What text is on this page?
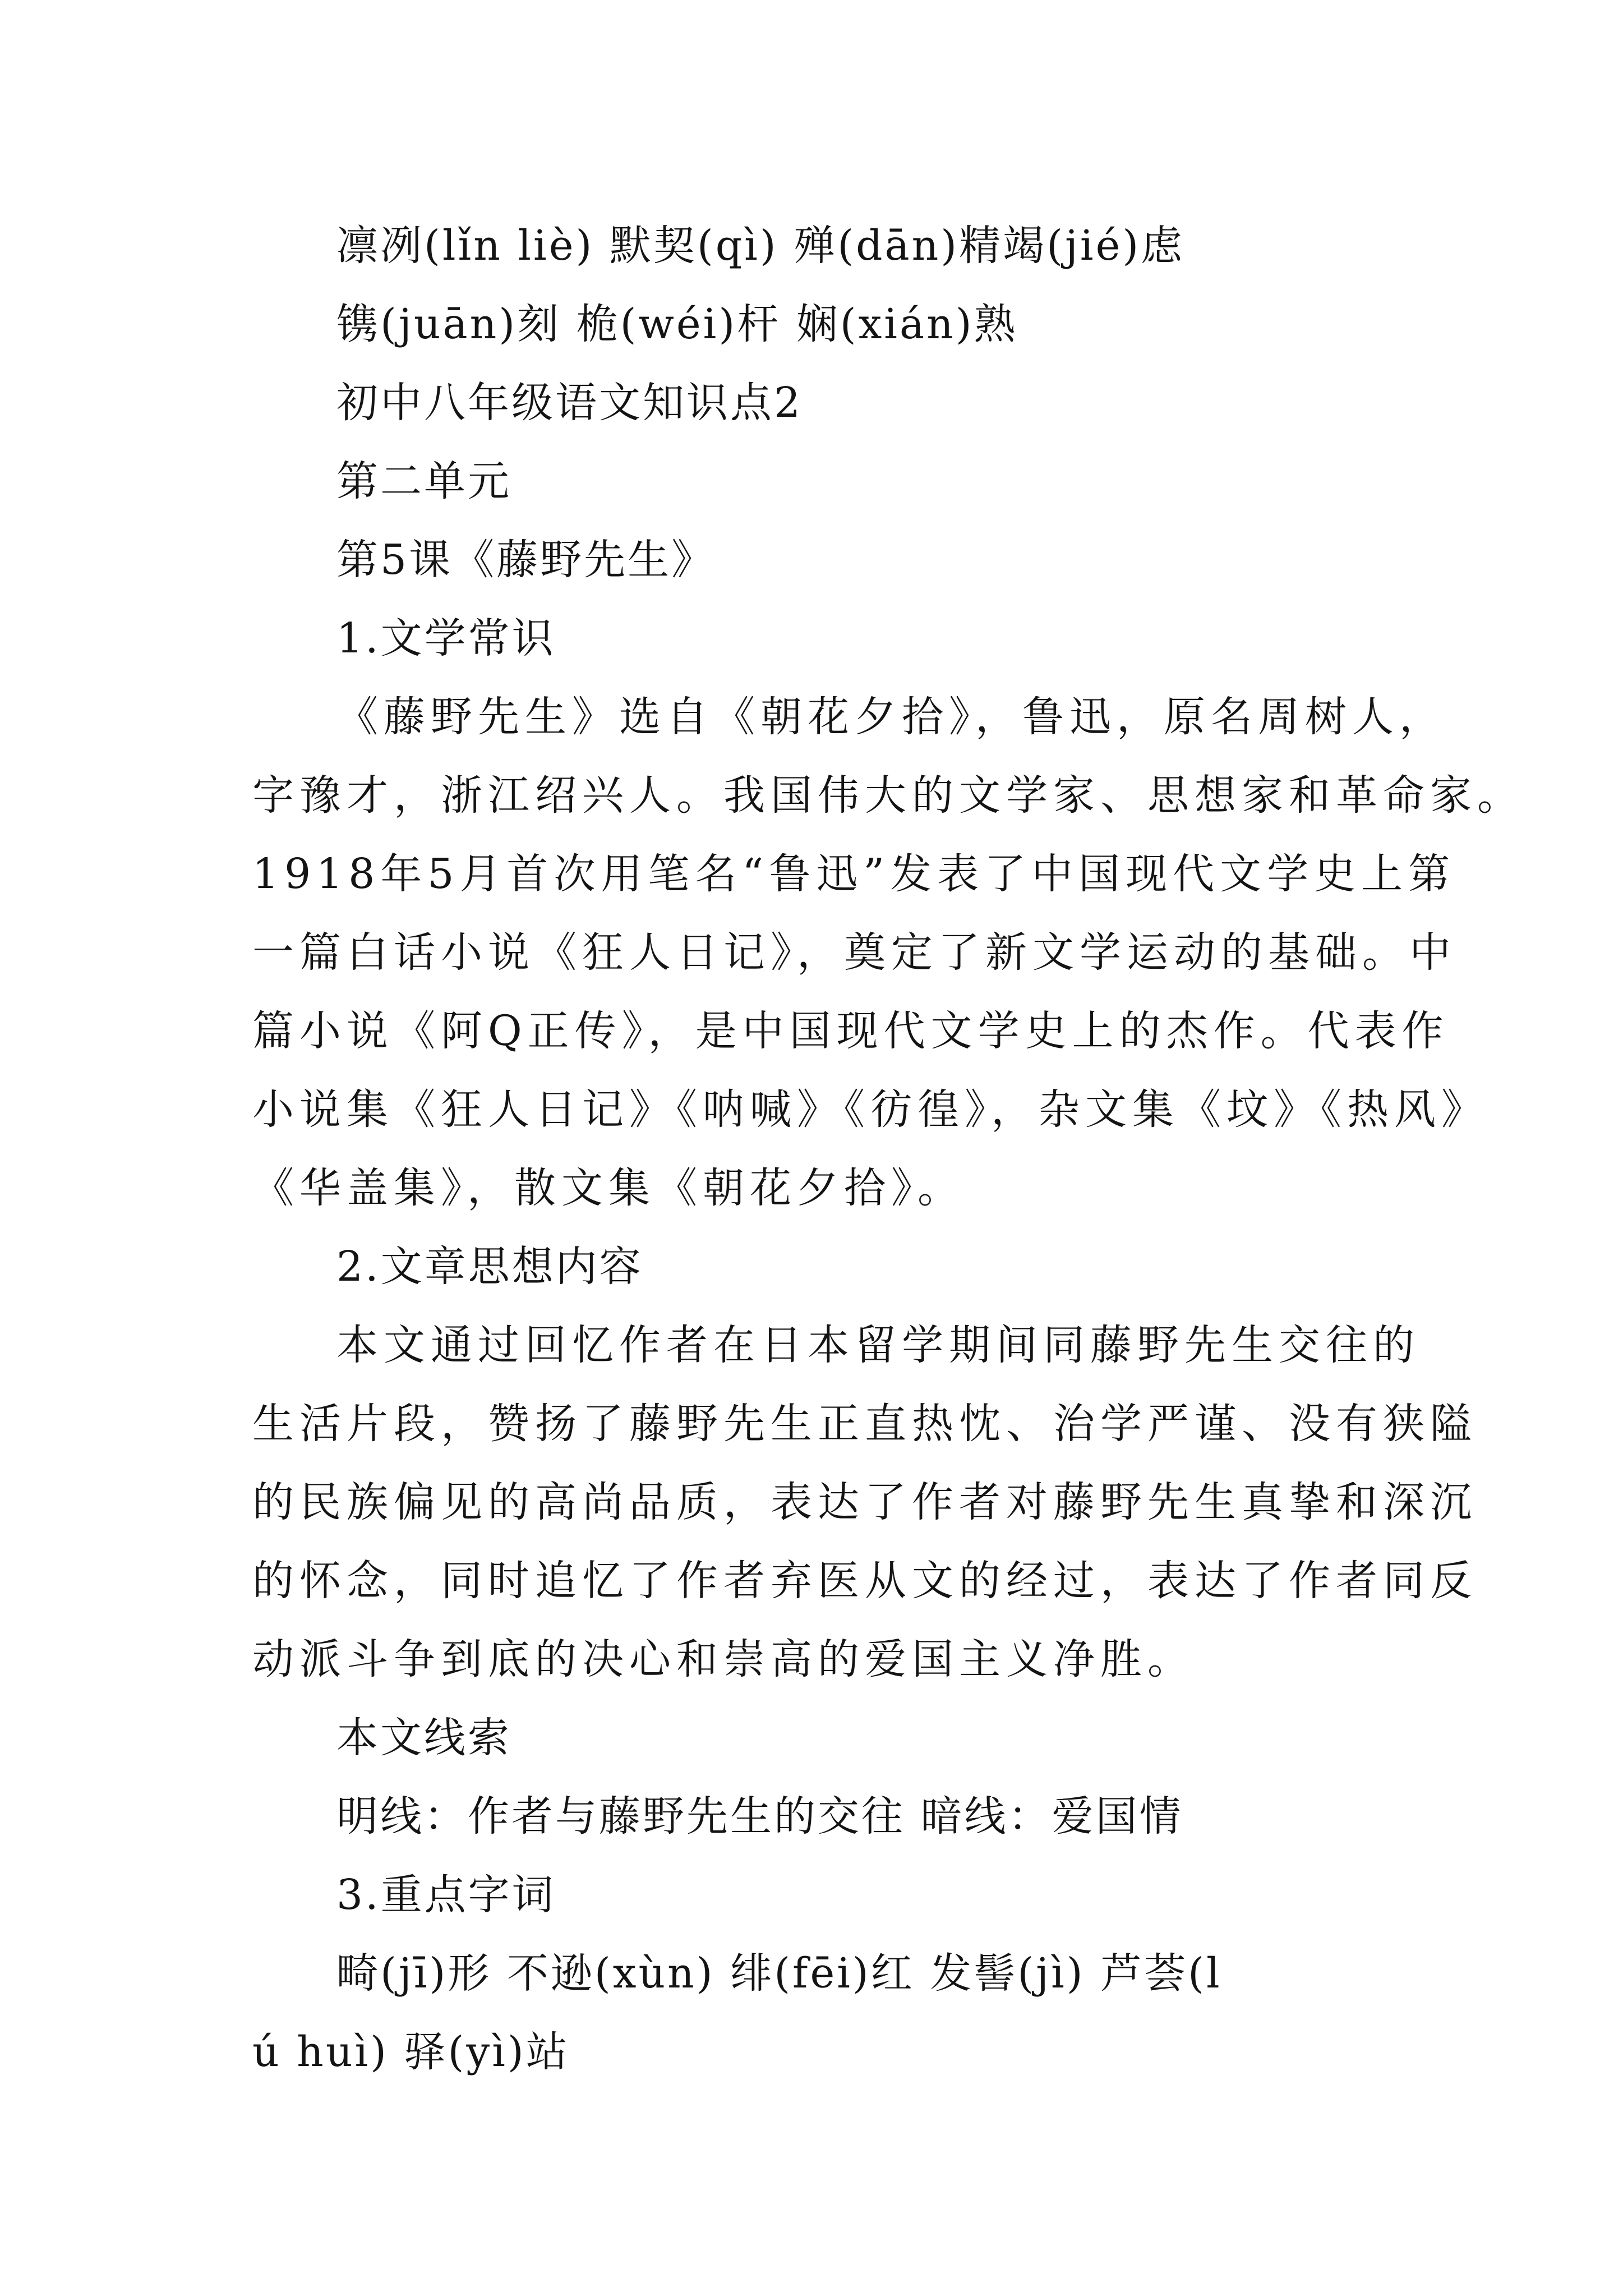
凛冽(lǐn liè) 默契(qì) 殚(dān)精竭(jié)虑
镌(juān)刻 桅(wéi)杆 娴(xián)熟
初中八年级语文知识点2
第二单元
第5课《藤野先生》
1.文学常识
《藤野先生》选自《朝花夕拾》，鲁迅，原名周树人，
字豫才，浙江绍兴人。我国伟大的文学家、思想家和革命家。
1918年5月首次用笔名“鲁迅”发表了中国现代文学史上第
一篇白话小说《狂人日记》，奠定了新文学运动的基础。中
篇小说《阿Q正传》，是中国现代文学史上的杰作。代表作
小说集《狂人日记》《呐喊》《彷徨》，杂文集《坟》《热风》
《华盖集》，散文集《朝花夕拾》。
2.文章思想内容
本文通过回忆作者在日本留学期间同藤野先生交往的
生活片段，赞扬了藤野先生正直热忱、治学严谨、没有狭隘
的民族偏见的高尚品质，表达了作者对藤野先生真挚和深沉
的怀念，同时追忆了作者弃医从文的经过，表达了作者同反
动派斗争到底的决心和崇高的爱国主义净胜。
本文线索
明线：作者与藤野先生的交往 暗线：爱国情
3.重点字词
畸(jī)形 不逊(xùn) 绯(fēi)红 发髻(jì) 芦荟(l
ú huì) 驿(yì)站
